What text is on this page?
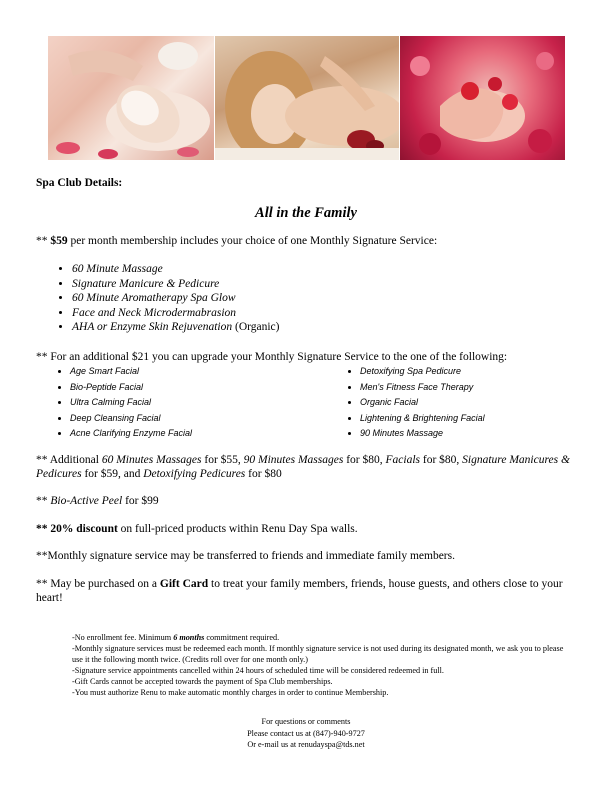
Spa Club Details:
All in the Family
** $59 per month membership includes your choice of one Monthly Signature Service:
• 60 Minute Massage
• Signature Manicure & Pedicure
• 60 Minute Aromatherapy Spa Glow
• Face and Neck Microdermabrasion
• AHA or Enzyme Skin Rejuvenation (Organic)
** For an additional $21 you can upgrade your Monthly Signature Service to the one of the following:
• Age Smart Facial
• Bio-Peptide Facial
• Ultra Calming Facial
• Deep Cleansing Facial
• Acne Clarifying Enzyme Facial
• Detoxifying Spa Pedicure
• Men's Fitness Face Therapy
• Organic Facial
• Lightening & Brightening Facial
• 90 Minutes Massage
** Additional 60 Minutes Massages for $55, 90 Minutes Massages for $80, Facials for $80, Signature Manicures & Pedicures for $59, and Detoxifying Pedicures for $80
** Bio-Active Peel for $99
** 20% discount on full-priced products within Renu Day Spa walls.
**Monthly signature service may be transferred to friends and immediate family members.
** May be purchased on a Gift Card to treat your family members, friends, house guests, and others close to your heart!
-No enrollment fee. Minimum 6 months commitment required.
-Monthly signature services must be redeemed each month. If monthly signature service is not used during its designated month, we ask you to please use it the following month twice. (Credits roll over for one month only.)
-Signature service appointments cancelled within 24 hours of scheduled time will be considered redeemed in full.
-Gift Cards cannot be accepted towards the payment of Spa Club memberships.
-You must authorize Renu to make automatic monthly charges in order to continue Membership.
For questions or comments
Please contact us at (847)-940-9727
Or e-mail us at renudayspa@tds.net
